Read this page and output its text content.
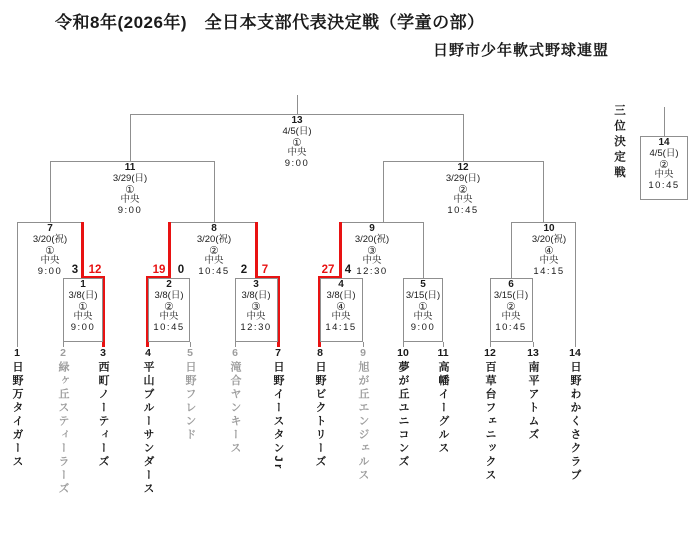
令和8年(2026年)　全日本支部代表決定戦（学童の部）
日野市少年軟式野球連盟
三位決定戦
1
3/8(日)
①
中央
9:00
2
3/8(日)
②
中央
10:45
3
3/8(日)
③
中央
12:30
4
3/8(日)
④
中央
14:15
5
3/15(日)
①
中央
9:00
6
3/15(日)
②
中央
10:45
7
3/20(祝)
①
中央
9:00
8
3/20(祝)
②
中央
10:45
9
3/20(祝)
③
中央
12:30
10
3/20(祝)
④
中央
14:15
11
3/29(日)
①
中央
9:00
12
3/29(日)
②
中央
10:45
13
4/5(日)
①
中央
9:00
14
4/5(日)
②
中央
10:45
3 12	19 0	2 7	27 4
1
日野万タイガース
2
緑ヶ丘スティーラーズ
3
西町ノーティーズ
4
平山ブルーサンダース
5
日野フレンド
6
滝合ヤンキース
7
日野イースタンJr
8
日野ビクトリーズ
9
旭が丘エンジェルス
10
夢が丘ユニコンズ
11
高幡イーグルス
12
百草台フェニックス
13
南平アトムズ
14
日野わかくさクラブ
